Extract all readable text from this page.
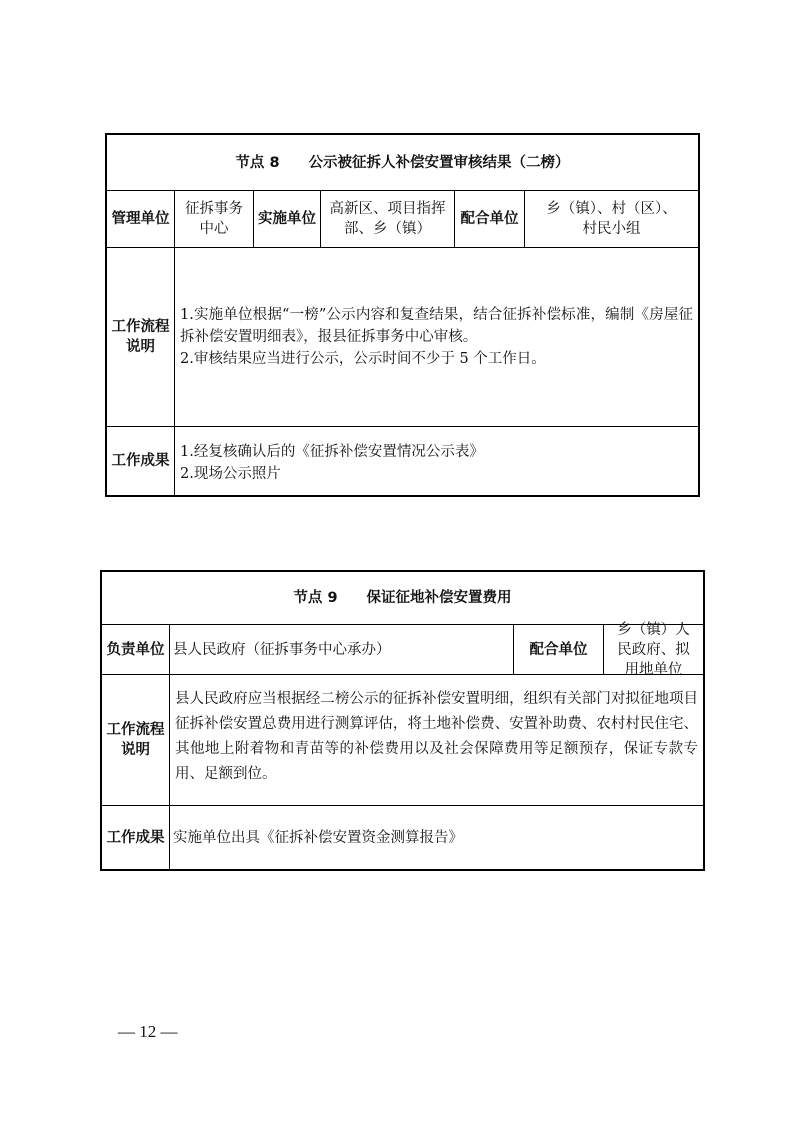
节点 8　　公示被征拆人补偿安置审核结果（二榜）
管理单位
征拆事务中心
实施单位
高新区、项目指挥部、乡（镇）
配合单位
乡（镇）、村（区）、村民小组
工作流程说明
1.实施单位根据“一榜”公示内容和复查结果，结合征拆补偿标准，编制《房屋征拆补偿安置明细表》，报县征拆事务中心审核。
2.审核结果应当进行公示，公示时间不少于 5 个工作日。
工作成果
1.经复核确认后的《征拆补偿安置情况公示表》
2.现场公示照片
节点 9　　保证征地补偿安置费用
负责单位 县人民政府（征拆事务中心承办）	配合单位
乡（镇）人民政府、拟用地单位
工作流程说明
县人民政府应当根据经二榜公示的征拆补偿安置明细，组织有关部门对拟征地项目征拆补偿安置总费用进行测算评估，将土地补偿费、安置补助费、农村村民住宅、其他地上附着物和青苗等的补偿费用以及社会保障费用等足额预存，保证专款专用、足额到位。
工作成果 实施单位出具《征拆补偿安置资金测算报告》
— 12 —
